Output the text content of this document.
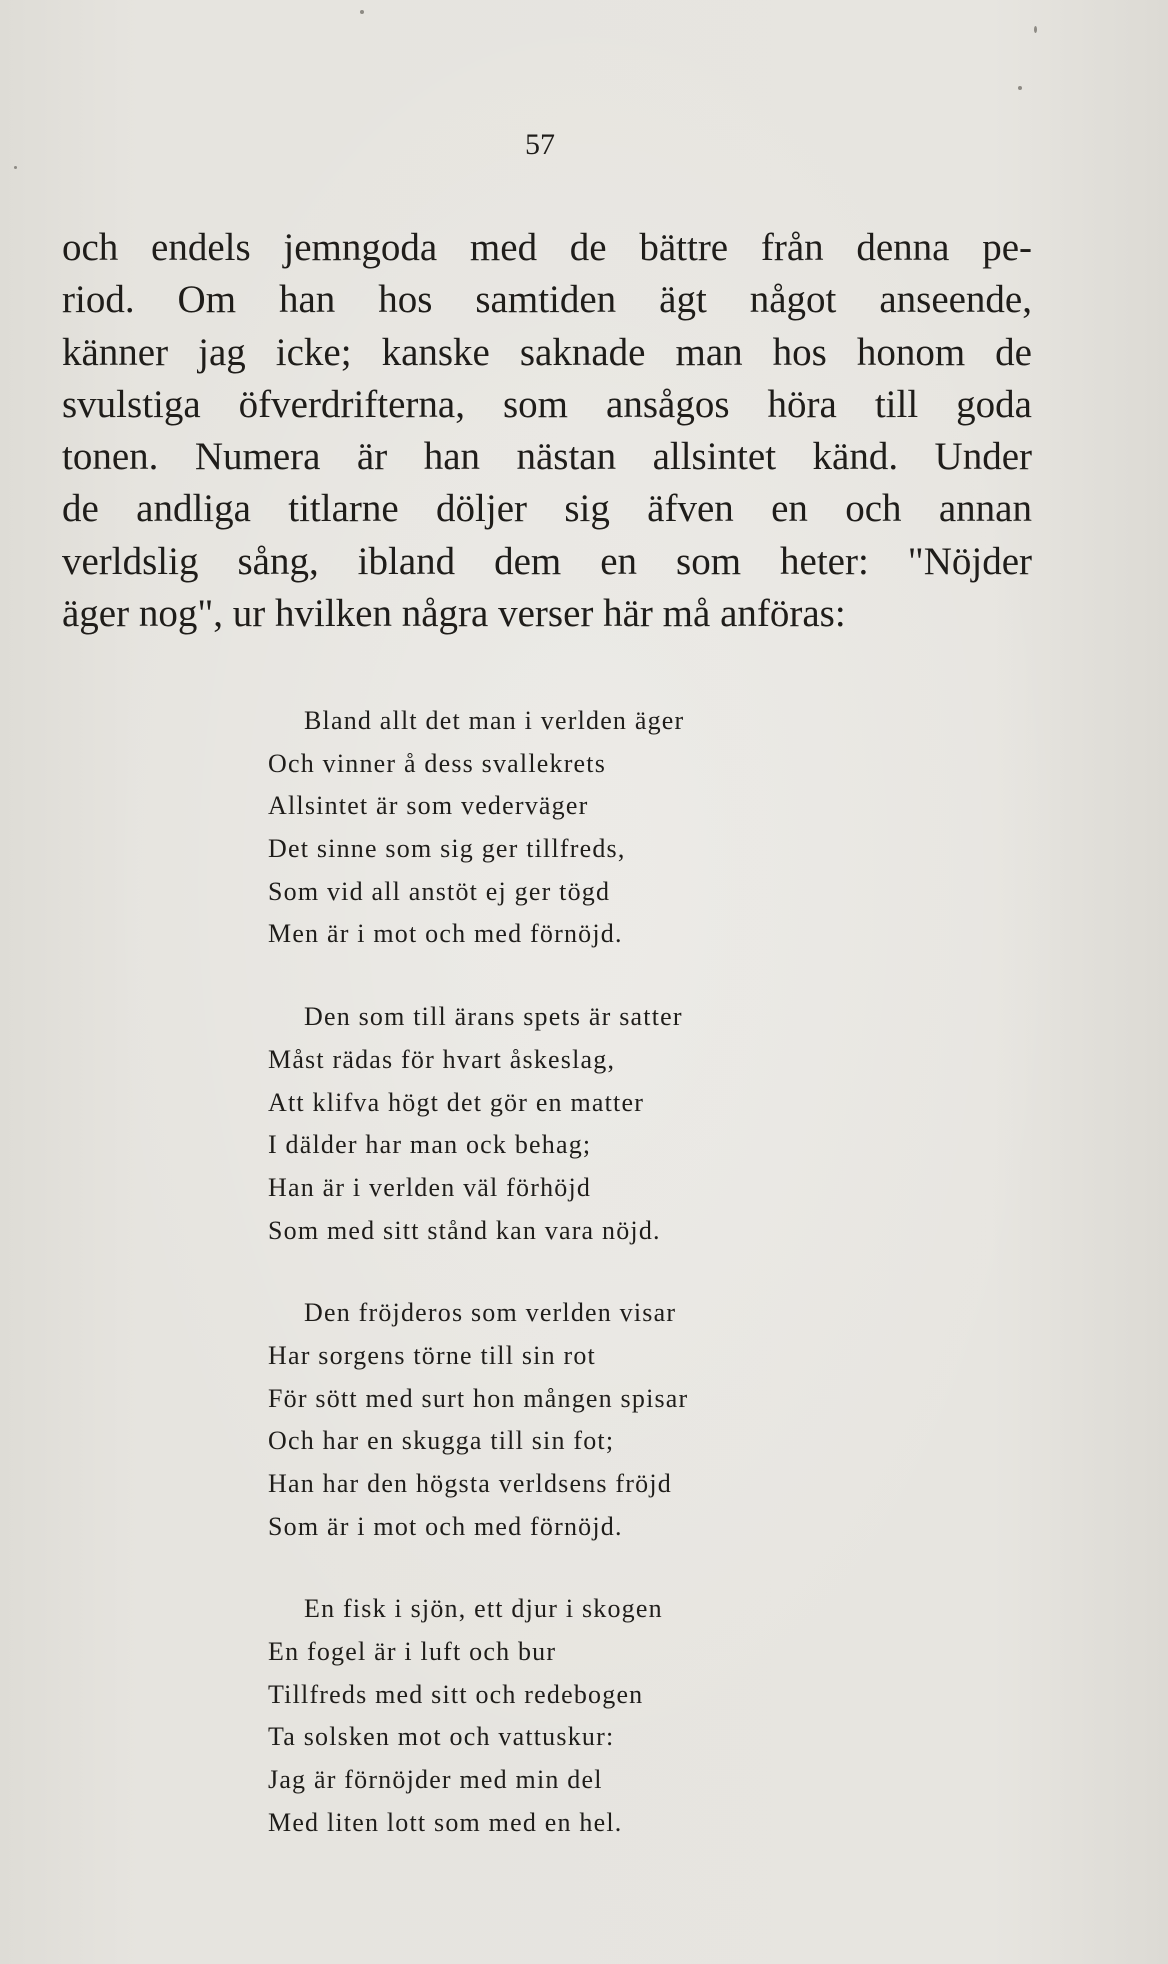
57
och endels jemngoda med de bättre från denna pe-
riod. Om han hos samtiden ägt något anseende,
känner jag icke; kanske saknade man hos honom de
svulstiga öfverdrifterna, som ansågos höra till goda
tonen. Numera är han nästan allsintet känd. Under
de andliga titlarne döljer sig äfven en och annan
verldslig sång, ibland dem en som heter: "Nöjder
äger nog", ur hvilken några verser här må anföras:
Bland allt det man i verlden äger
Och vinner å dess svallekrets
Allsintet är som vederväger
Det sinne som sig ger tillfreds,
Som vid all anstöt ej ger tögd
Men är i mot och med förnöjd.
Den som till ärans spets är satter
Måst rädas för hvart åskeslag,
Att klifva högt det gör en matter
I dälder har man ock behag;
Han är i verlden väl förhöjd
Som med sitt stånd kan vara nöjd.
Den fröjderos som verlden visar
Har sorgens törne till sin rot
För sött med surt hon mången spisar
Och har en skugga till sin fot;
Han har den högsta verldsens fröjd
Som är i mot och med förnöjd.
En fisk i sjön, ett djur i skogen
En fogel är i luft och bur
Tillfreds med sitt och redebogen
Ta solsken mot och vattuskur:
Jag är förnöjder med min del
Med liten lott som med en hel.
